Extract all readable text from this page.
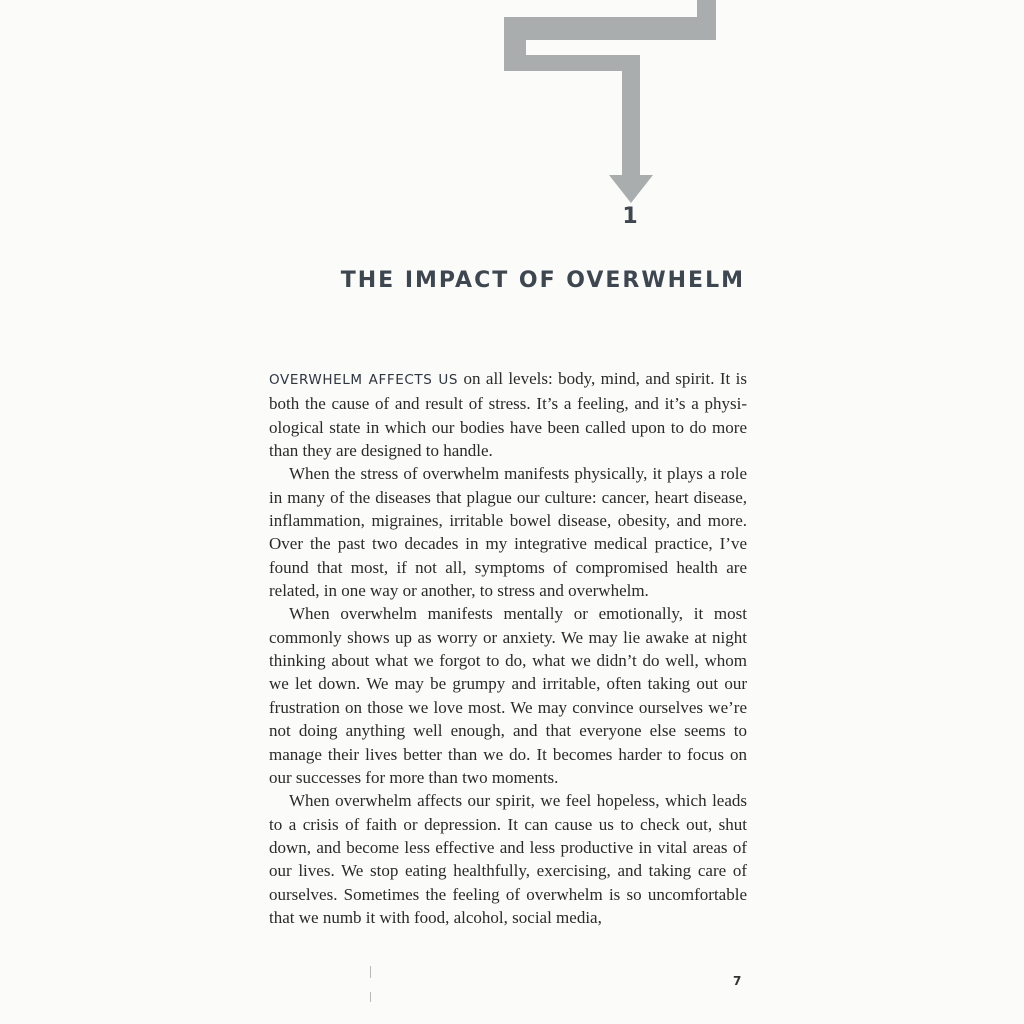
1
THE IMPACT OF OVERWHELM

OVERWHELM AFFECTS US on all levels: body, mind, and spirit. It is both the cause of and result of stress. It’s a feeling, and it’s a physi-ological state in which our bodies have been called upon to do more than they are designed to handle.

When the stress of overwhelm manifests physically, it plays a role in many of the diseases that plague our culture: cancer, heart disease, inflammation, migraines, irritable bowel disease, obesity, and more. Over the past two decades in my integrative medical practice, I’ve found that most, if not all, symptoms of compromised health are related, in one way or another, to stress and overwhelm.

When overwhelm manifests mentally or emotionally, it most commonly shows up as worry or anxiety. We may lie awake at night thinking about what we forgot to do, what we didn’t do well, whom we let down. We may be grumpy and irritable, often taking out our frustration on those we love most. We may convince ourselves we’re not doing anything well enough, and that everyone else seems to manage their lives better than we do. It becomes harder to focus on our successes for more than two moments.

When overwhelm affects our spirit, we feel hopeless, which leads to a crisis of faith or depression. It can cause us to check out, shut down, and become less effective and less productive in vital areas of our lives. We stop eating healthfully, exercising, and taking care of ourselves. Sometimes the feeling of overwhelm is so uncomfortable that we numb it with food, alcohol, social media,

7
